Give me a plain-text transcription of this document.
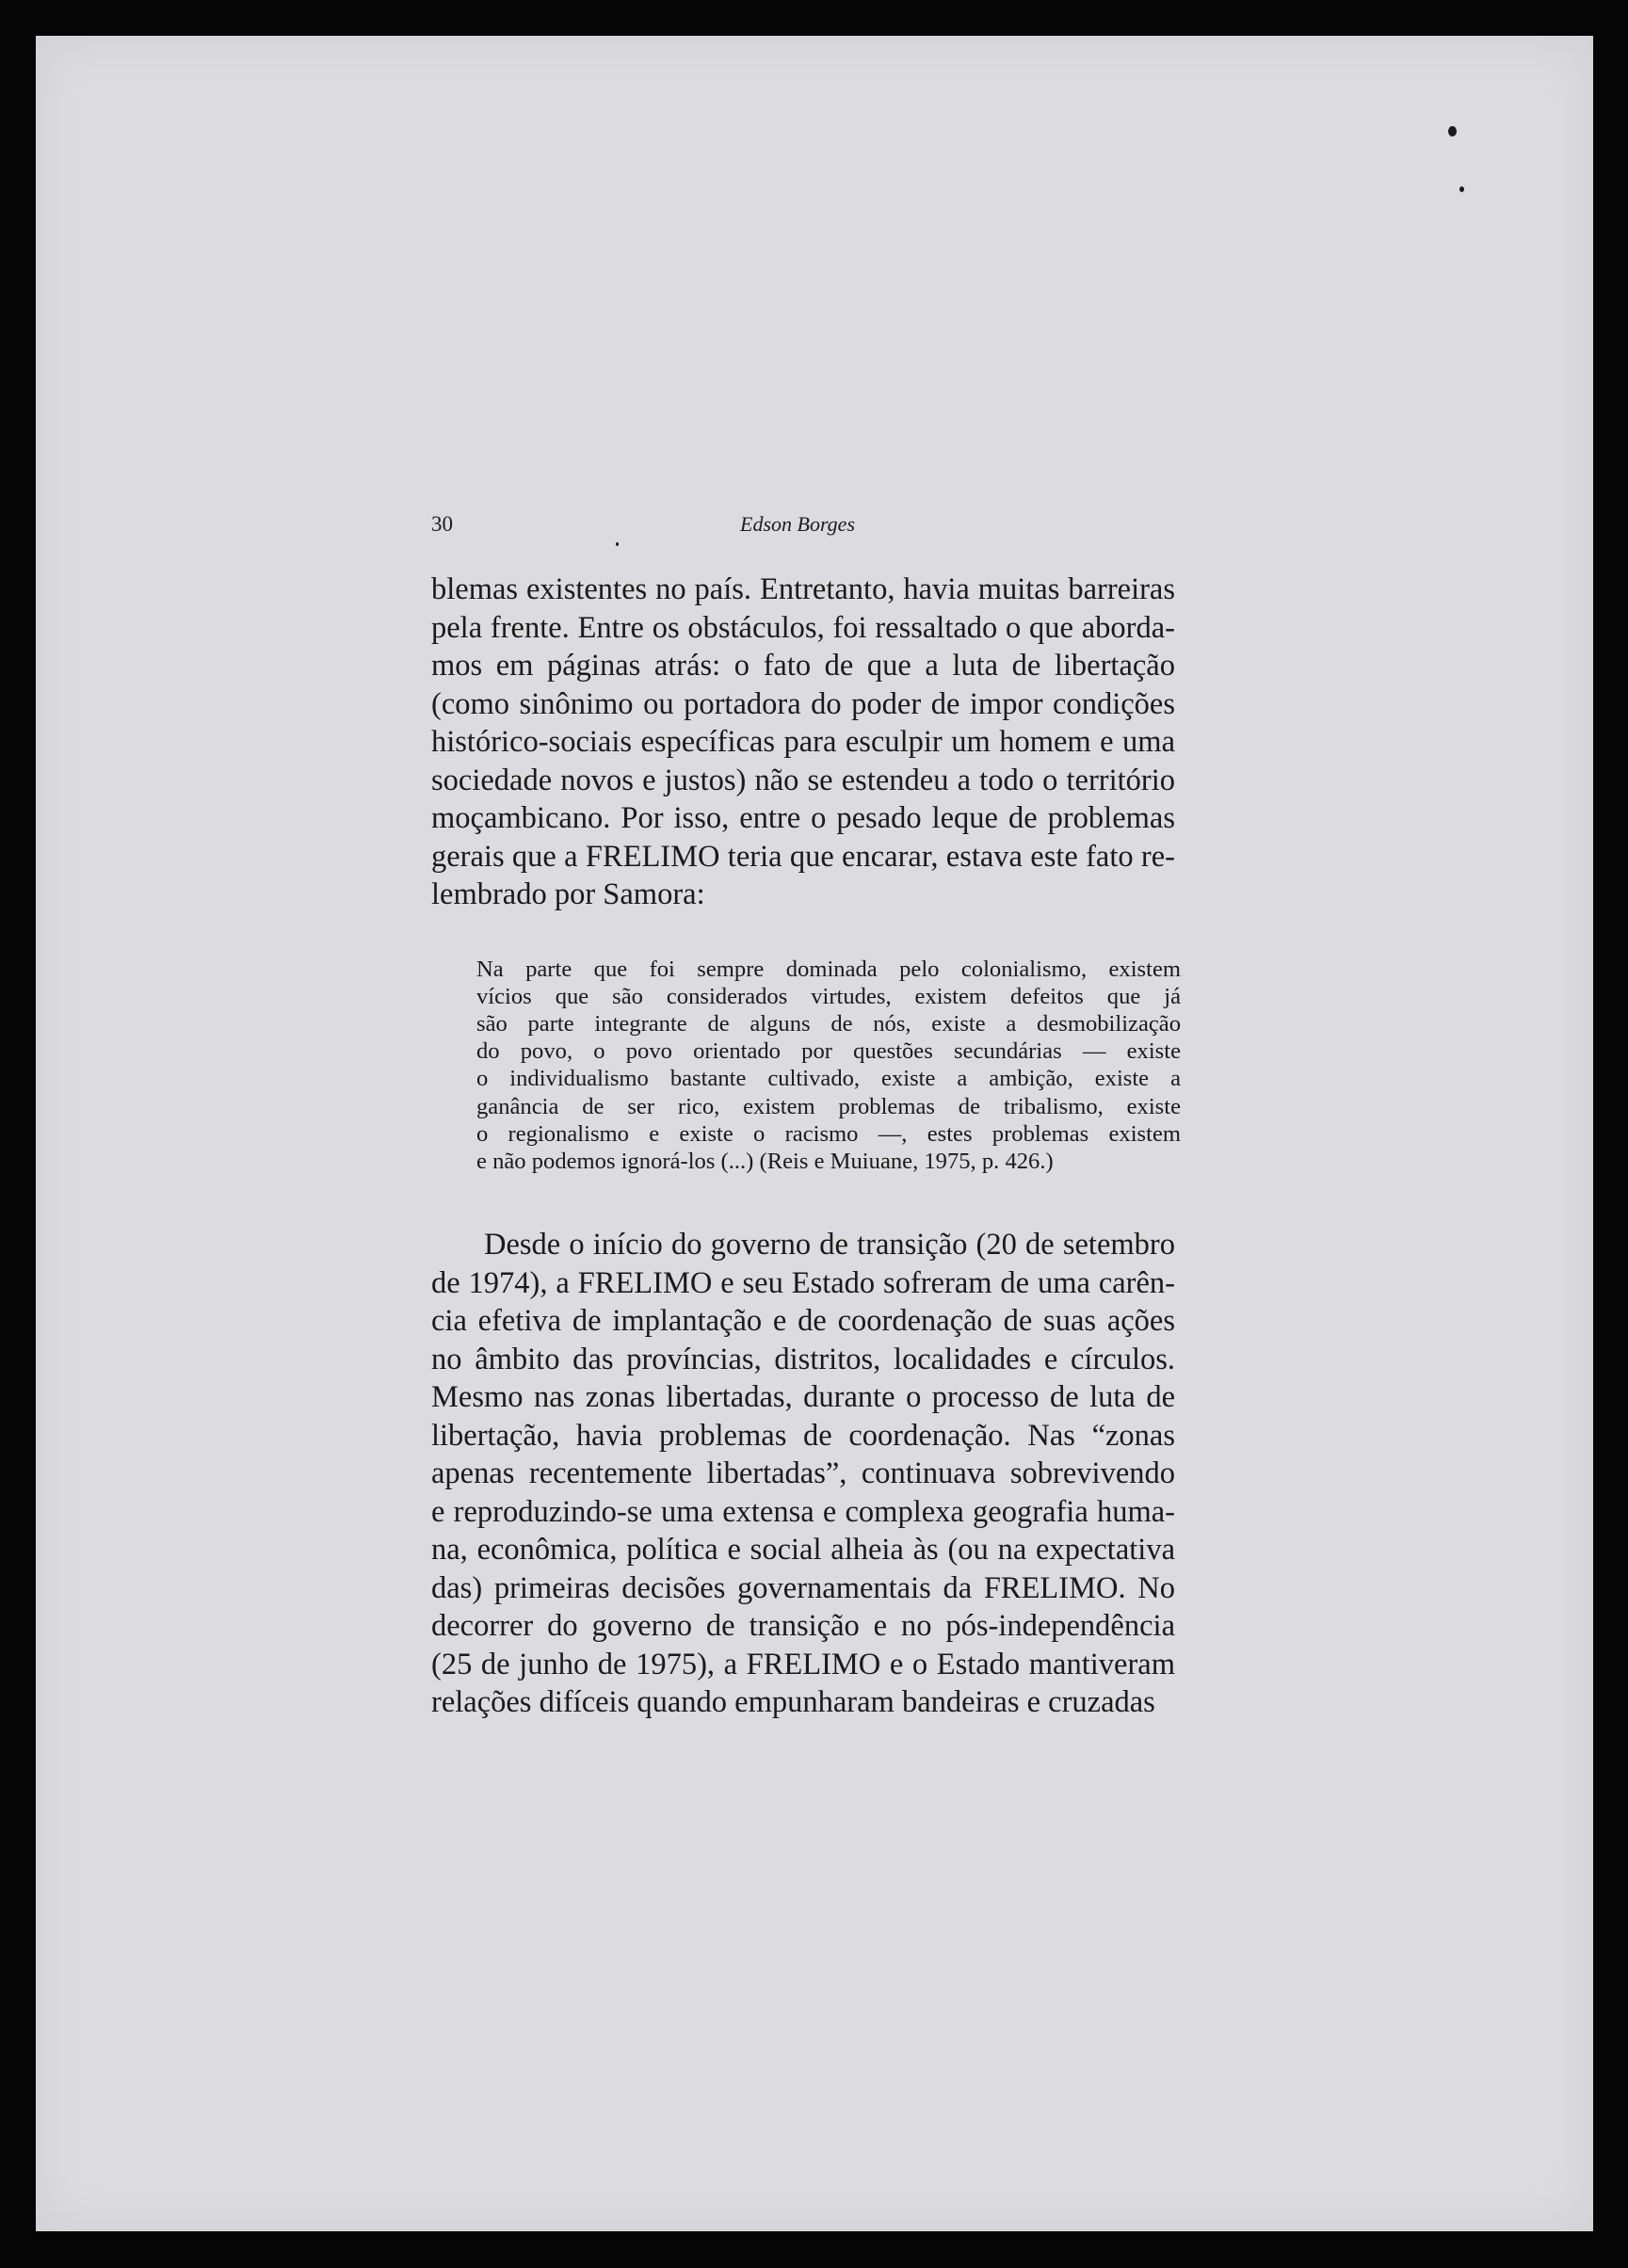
30	Edson Borges

blemas existentes no país. Entretanto, havia muitas barreiras
pela frente. Entre os obstáculos, foi ressaltado o que aborda-
mos em páginas atrás: o fato de que a luta de libertação
(como sinônimo ou portadora do poder de impor condições
histórico-sociais específicas para esculpir um homem e uma
sociedade novos e justos) não se estendeu a todo o território
moçambicano. Por isso, entre o pesado leque de problemas
gerais que a FRELIMO teria que encarar, estava este fato re-
lembrado por Samora:

Na parte que foi sempre dominada pelo colonialismo, existem
vícios que são considerados virtudes, existem defeitos que já
são parte integrante de alguns de nós, existe a desmobilização
do povo, o povo orientado por questões secundárias — existe
o individualismo bastante cultivado, existe a ambição, existe a
ganância de ser rico, existem problemas de tribalismo, existe
o regionalismo e existe o racismo —, estes problemas existem
e não podemos ignorá-los (...) (Reis e Muiuane, 1975, p. 426.)

Desde o início do governo de transição (20 de setembro
de 1974), a FRELIMO e seu Estado sofreram de uma carên-
cia efetiva de implantação e de coordenação de suas ações
no âmbito das províncias, distritos, localidades e círculos.
Mesmo nas zonas libertadas, durante o processo de luta de
libertação, havia problemas de coordenação. Nas “zonas
apenas recentemente libertadas”, continuava sobrevivendo
e reproduzindo-se uma extensa e complexa geografia huma-
na, econômica, política e social alheia às (ou na expectativa
das) primeiras decisões governamentais da FRELIMO. No
decorrer do governo de transição e no pós-independência
(25 de junho de 1975), a FRELIMO e o Estado mantiveram
relações difíceis quando empunharam bandeiras e cruzadas
